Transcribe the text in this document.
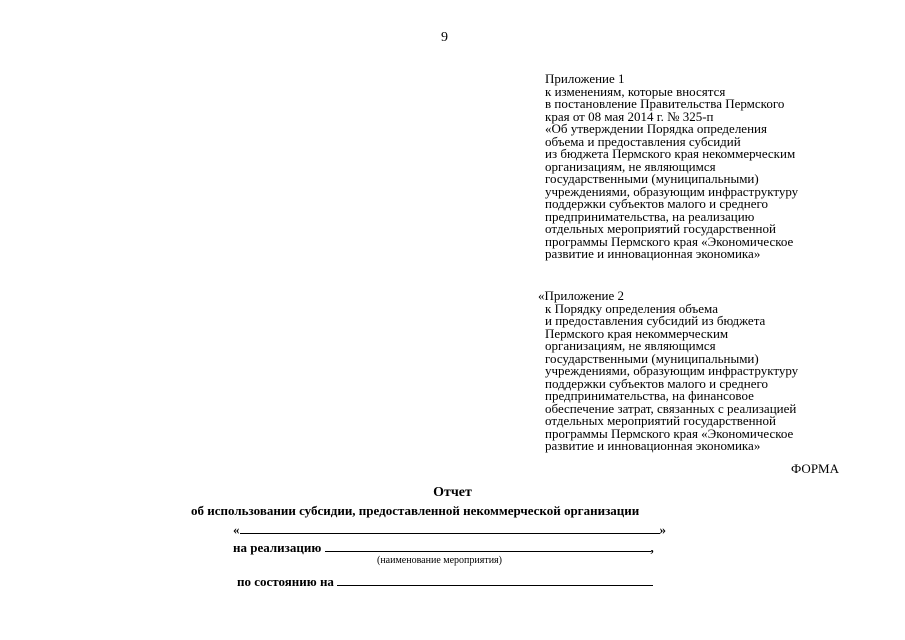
9
Приложение 1
к изменениям, которые вносятся
в постановление Правительства Пермского
края от 08 мая 2014 г. № 325-п
«Об утверждении Порядка определения
объема и предоставления субсидий
из бюджета Пермского края некоммерческим
организациям, не являющимся
государственными (муниципальными)
учреждениями, образующим инфраструктуру
поддержки субъектов малого и среднего
предпринимательства, на реализацию
отдельных мероприятий государственной
программы Пермского края «Экономическое
развитие и инновационная экономика»
«Приложение 2
к Порядку определения объема
и предоставления субсидий из бюджета
Пермского края некоммерческим
организациям, не являющимся
государственными (муниципальными)
учреждениями, образующим инфраструктуру
поддержки субъектов малого и среднего
предпринимательства, на финансовое
обеспечение затрат, связанных с реализацией
отдельных мероприятий государственной
программы Пермского края «Экономическое
развитие и инновационная экономика»
ФОРМА
Отчет
об использовании субсидии, предоставленной некоммерческой организации
«	»
на реализацию	,
(наименование мероприятия)
по состоянию на
